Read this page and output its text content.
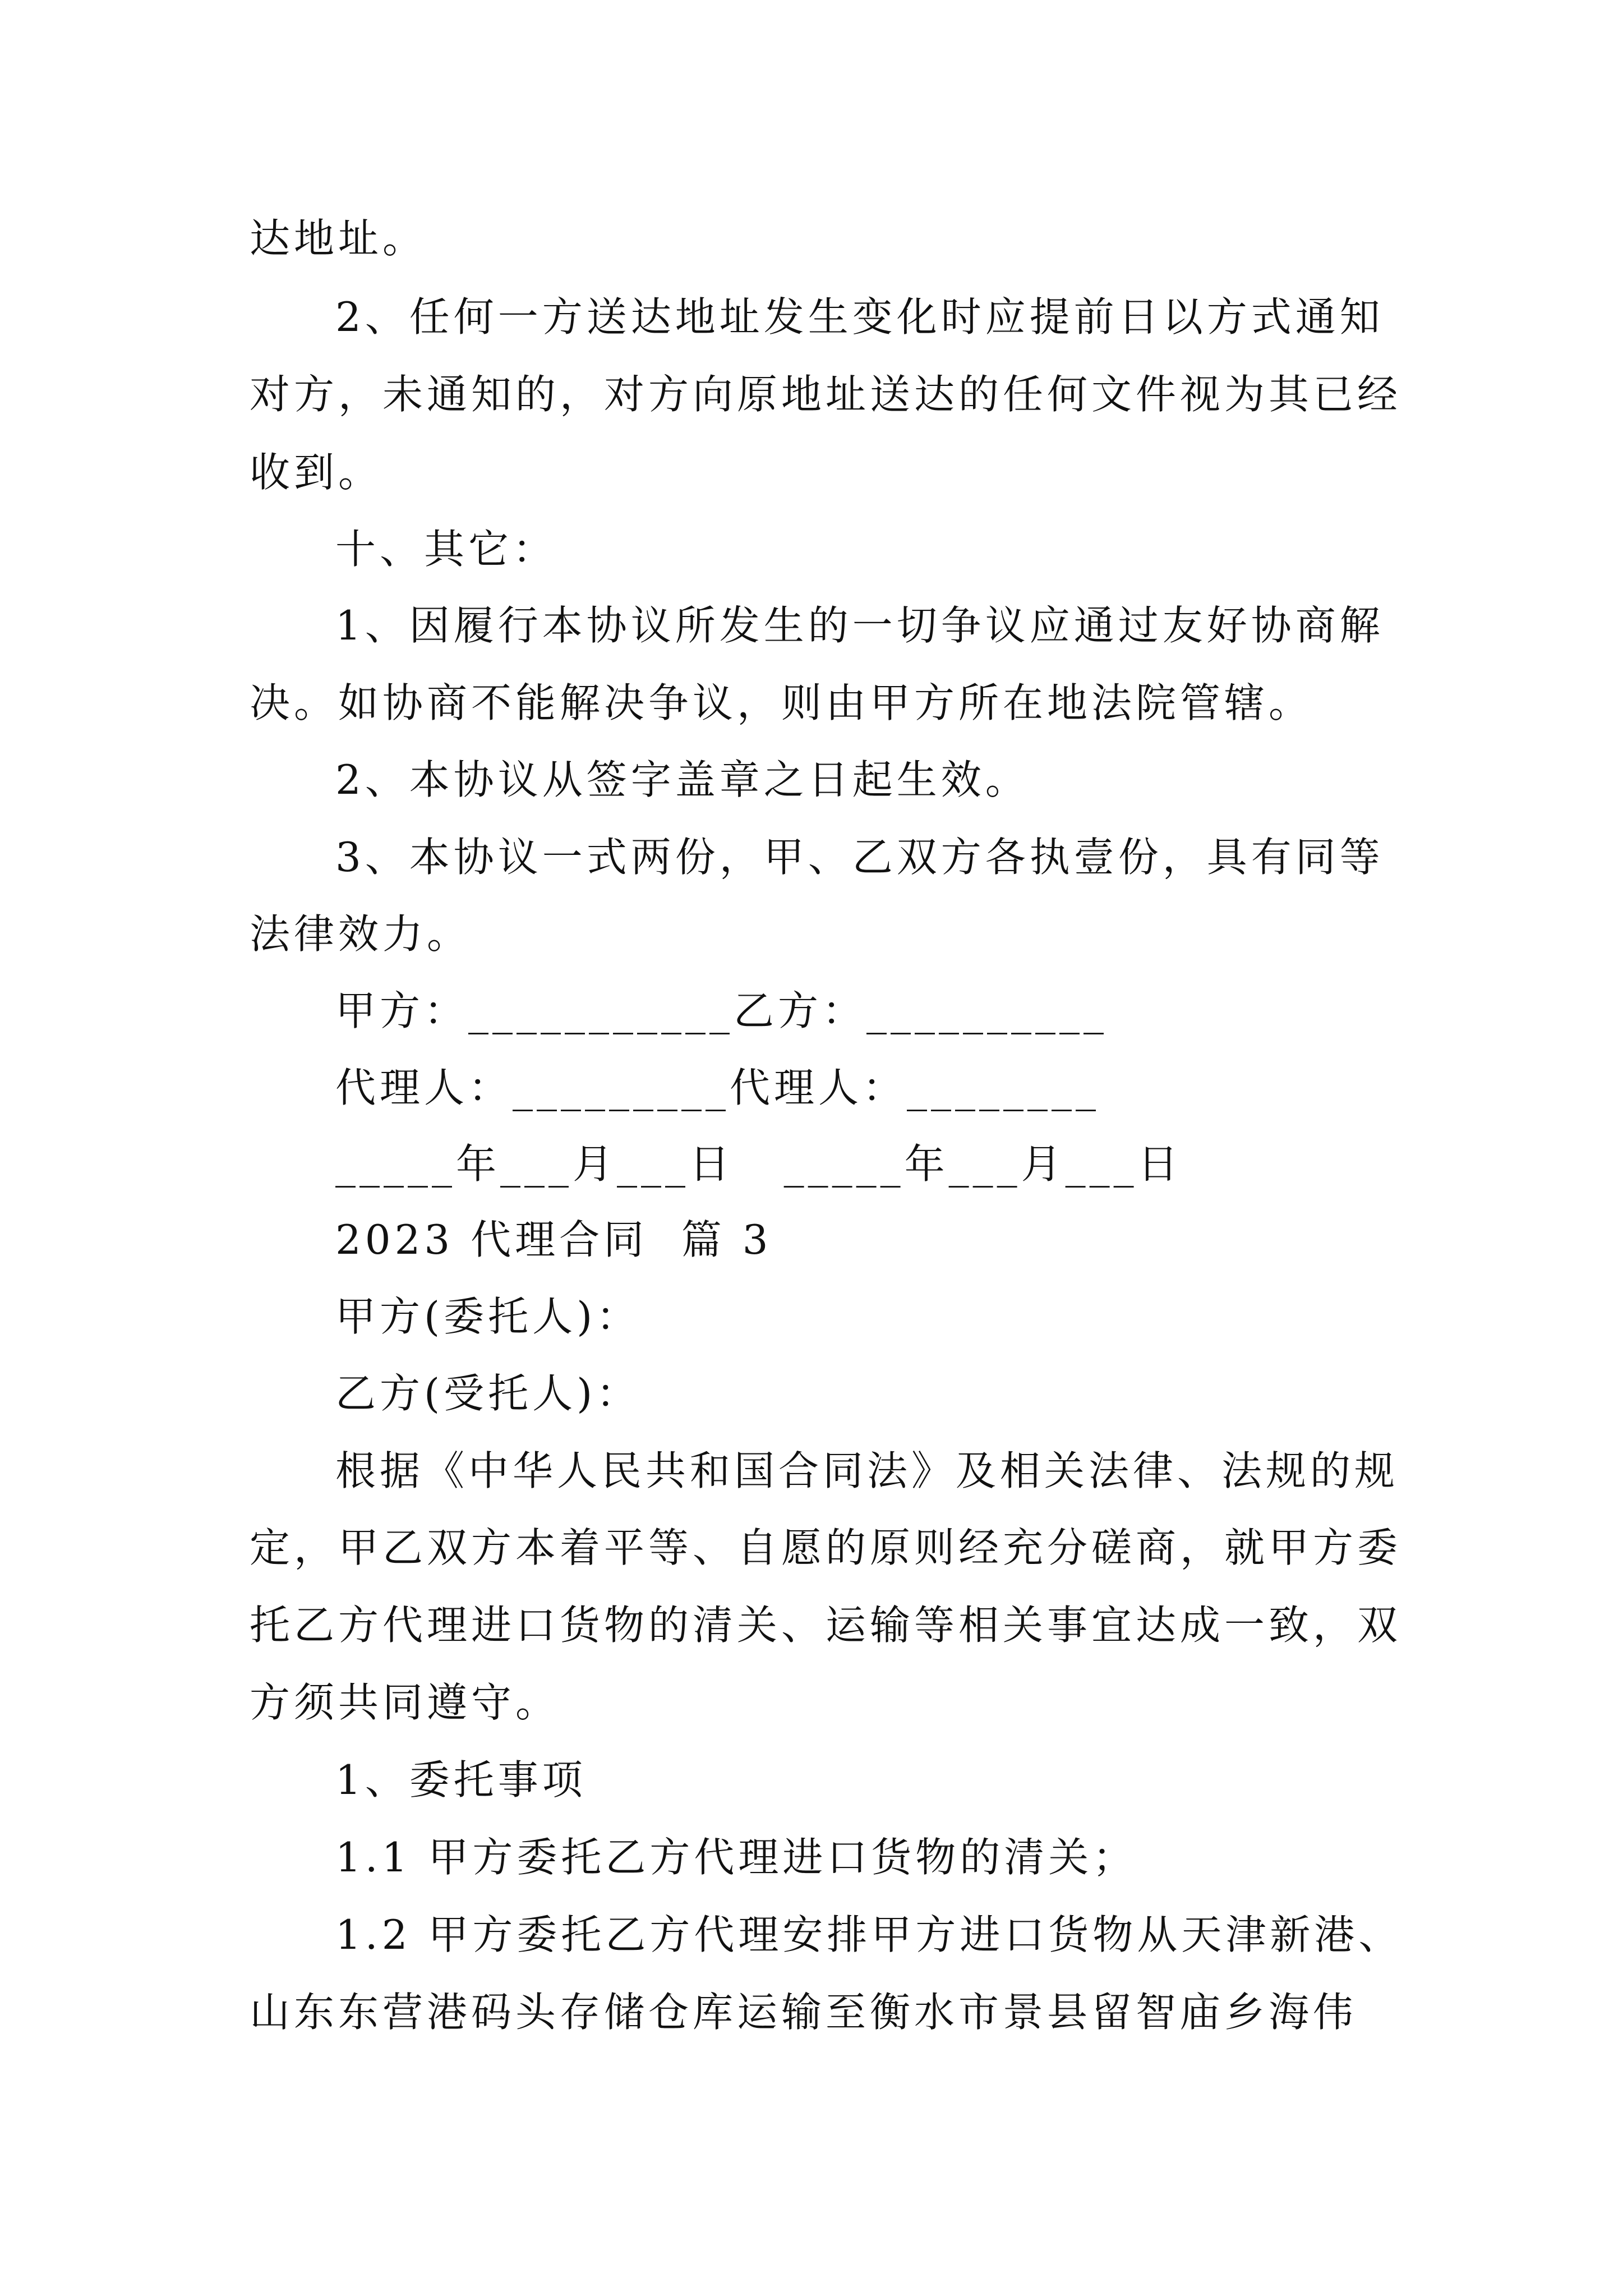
达地址。
2、任何一方送达地址发生变化时应提前日以方式通知
对方，未通知的，对方向原地址送达的任何文件视为其已经
收到。
十、其它：
1、因履行本协议所发生的一切争议应通过友好协商解
决。如协商不能解决争议，则由甲方所在地法院管辖。
2、本协议从签字盖章之日起生效。
3、本协议一式两份，甲、乙双方各执壹份，具有同等
法律效力。
甲方：___________乙方：__________
代理人：_________代理人：________
_____年___月___日   _____年___月___日
2023 代理合同  篇 3
甲方(委托人)：
乙方(受托人)：
根据《中华人民共和国合同法》及相关法律、法规的规
定，甲乙双方本着平等、自愿的原则经充分磋商，就甲方委
托乙方代理进口货物的清关、运输等相关事宜达成一致，双
方须共同遵守。
1、委托事项
1.1 甲方委托乙方代理进口货物的清关；
1.2 甲方委托乙方代理安排甲方进口货物从天津新港、
山东东营港码头存储仓库运输至衡水市景县留智庙乡海伟
